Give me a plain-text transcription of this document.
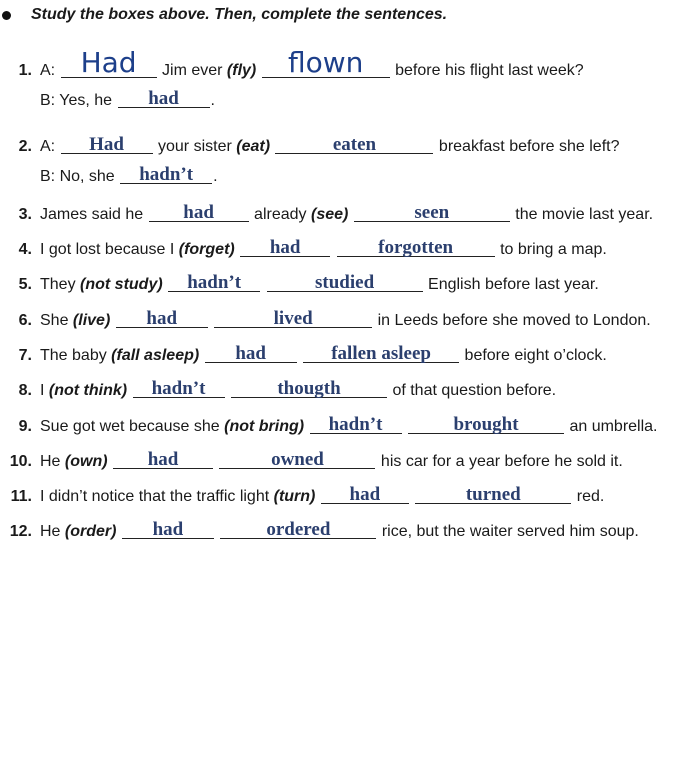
Study the boxes above. Then, complete the sentences.
1. A: Had	Jim ever (fly)
	flown	before his flight last week?
B: Yes, he	had	.
2. A:	Had	your sister (eat)
	eaten	breakfast before she left?
B: No, she	hadn’t	.
3. James said he	had	already (see)
	seen	the movie last year.
4. I got lost because I (forget)
	had
	forgotten	to bring a map.
5. They (not study)
	hadn’t
	studied	English before last year.
6. She (live)
	had
	lived	in Leeds before she moved to London.
7. The baby (fall asleep)
	had
	fallen asleep	before eight o’clock.
8. I (not think)
	hadn’t
	thougth	of that question before.
9. Sue got wet because she (not bring)
	hadn’t
	brought	an umbrella.
10. He (own)
	had
	owned	his car for a year before he sold it.
11. I didn’t notice that the traffic light (turn)
	had
	turned	red.
12. He (order)
	had
	ordered	rice, but the waiter served him soup.
